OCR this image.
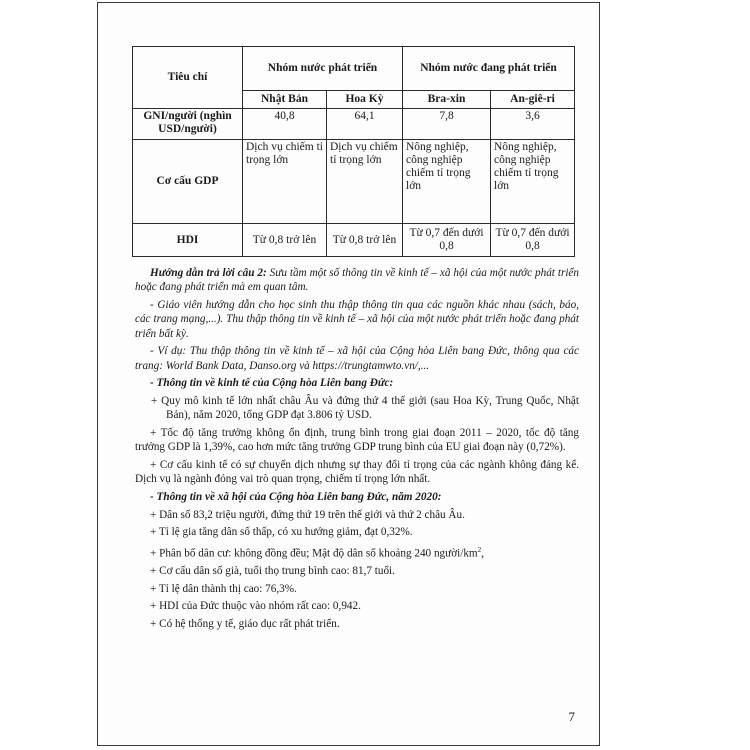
Tiêu chí	Nhóm nước phát triển		Nhóm nước đang phát triển	
	Nhật Bản	Hoa Kỳ	Bra-xin	An-giê-ri
GNI/người (nghìn USD/người)	40,8	64,1	7,8	3,6
Cơ cấu GDP	Dịch vụ chiếm tỉ trọng lớn	Dịch vụ chiếm tỉ trọng lớn	Nông nghiệp, công nghiệp chiếm tỉ trọng lớn	Nông nghiệp, công nghiệp chiếm tỉ trọng lớn
HDI	Từ 0,8 trở lên	Từ 0,8 trở lên	Từ 0,7 đến dưới 0,8	Từ 0,7 đến dưới 0,8

Hướng dẫn trả lời câu 2: Sưu tầm một số thông tin về kinh tế – xã hội của một nước phát triển hoặc đang phát triển mà em quan tâm.

- Giáo viên hướng dẫn cho học sinh thu thập thông tin qua các nguồn khác nhau (sách, báo, các trang mạng,...). Thu thập thông tin về kinh tế – xã hội của một nước phát triển hoặc đang phát triển bất kỳ.

- Ví dụ: Thu thập thông tin về kinh tế – xã hội của Cộng hòa Liên bang Đức, thông qua các trang: World Bank Data, Danso.org và https://trungtamwto.vn/,...

- Thông tin về kinh tế của Cộng hòa Liên bang Đức:

+ Quy mô kinh tế lớn nhất châu Âu và đứng thứ 4 thế giới (sau Hoa Kỳ, Trung Quốc, Nhật Bản), năm 2020, tổng GDP đạt 3.806 tỷ USD.

+ Tốc độ tăng trưởng không ổn định, trung bình trong giai đoạn 2011 – 2020, tốc độ tăng trưởng GDP là 1,39%, cao hơn mức tăng trưởng GDP trung bình của EU giai đoạn này (0,72%).

+ Cơ cấu kinh tế có sự chuyển dịch nhưng sự thay đổi tỉ trọng của các ngành không đáng kể. Dịch vụ là ngành đóng vai trò quan trọng, chiếm tỉ trọng lớn nhất.

- Thông tin về xã hội của Cộng hòa Liên bang Đức, năm 2020:

+ Dân số 83,2 triệu người, đứng thứ 19 trên thế giới và thứ 2 châu Âu.

+ Tỉ lệ gia tăng dân số thấp, có xu hướng giảm, đạt 0,32%.

+ Phân bố dân cư: không đồng đều; Mật độ dân số khoảng 240 người/$km^2$,

+ Cơ cấu dân số già, tuổi thọ trung bình cao: 81,7 tuổi.

+ Tỉ lệ dân thành thị cao: 76,3%.

+ HDI của Đức thuộc vào nhóm rất cao: 0,942.

+ Có hệ thống y tế, giáo dục rất phát triển.

7
